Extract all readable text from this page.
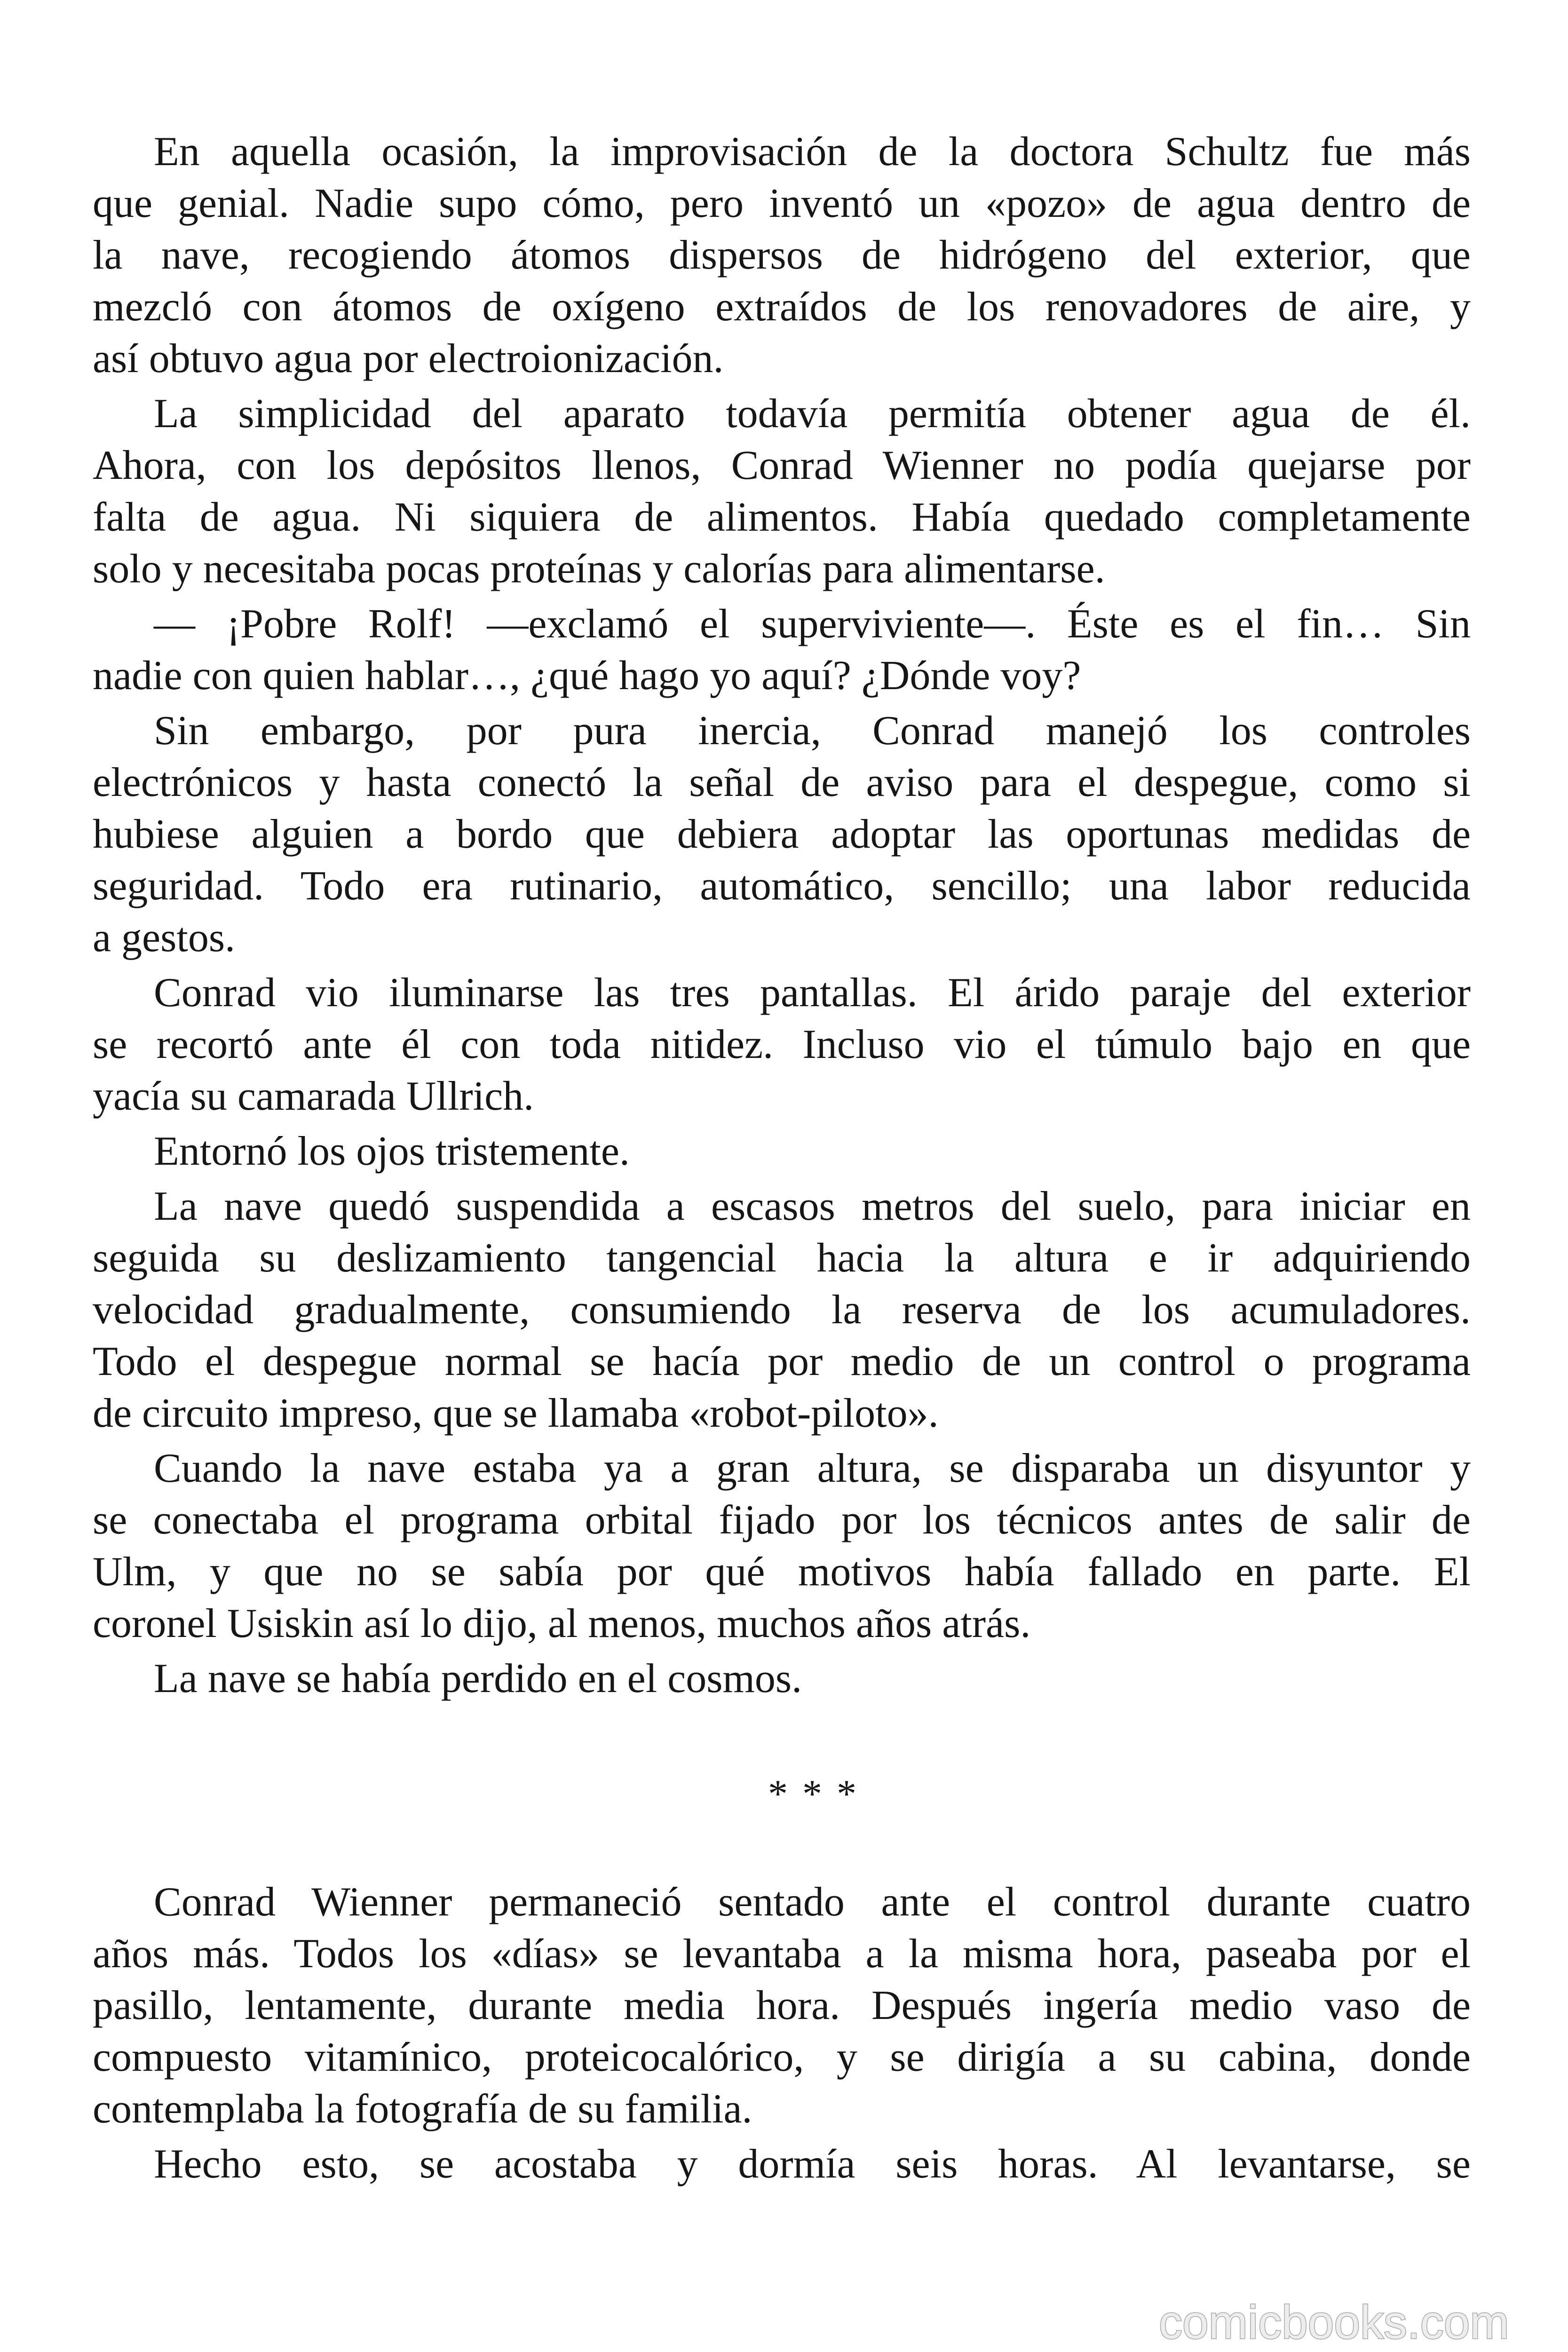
En aquella ocasión, la improvisación de la doctora Schultz fue más
que genial. Nadie supo cómo, pero inventó un «pozo» de agua dentro de
la nave, recogiendo átomos dispersos de hidrógeno del exterior, que
mezcló con átomos de oxígeno extraídos de los renovadores de aire, y
así obtuvo agua por electroionización.
La simplicidad del aparato todavía permitía obtener agua de él.
Ahora, con los depósitos llenos, Conrad Wienner no podía quejarse por
falta de agua. Ni siquiera de alimentos. Había quedado completamente
solo y necesitaba pocas proteínas y calorías para alimentarse.
— ¡Pobre Rolf! —exclamó el superviviente—. Éste es el fin… Sin
nadie con quien hablar…, ¿qué hago yo aquí? ¿Dónde voy?
Sin embargo, por pura inercia, Conrad manejó los controles
electrónicos y hasta conectó la señal de aviso para el despegue, como si
hubiese alguien a bordo que debiera adoptar las oportunas medidas de
seguridad. Todo era rutinario, automático, sencillo; una labor reducida
a gestos.
Conrad vio iluminarse las tres pantallas. El árido paraje del exterior
se recortó ante él con toda nitidez. Incluso vio el túmulo bajo en que
yacía su camarada Ullrich.
Entornó los ojos tristemente.
La nave quedó suspendida a escasos metros del suelo, para iniciar en
seguida su deslizamiento tangencial hacia la altura e ir adquiriendo
velocidad gradualmente, consumiendo la reserva de los acumuladores.
Todo el despegue normal se hacía por medio de un control o programa
de circuito impreso, que se llamaba «robot-piloto».
Cuando la nave estaba ya a gran altura, se disparaba un disyuntor y
se conectaba el programa orbital fijado por los técnicos antes de salir de
Ulm, y que no se sabía por qué motivos había fallado en parte. El
coronel Usiskin así lo dijo, al menos, muchos años atrás.
La nave se había perdido en el cosmos.
* * *
Conrad Wienner permaneció sentado ante el control durante cuatro
años más. Todos los «días» se levantaba a la misma hora, paseaba por el
pasillo, lentamente, durante media hora. Después ingería medio vaso de
compuesto vitamínico, proteicocalórico, y se dirigía a su cabina, donde
contemplaba la fotografía de su familia.
Hecho esto, se acostaba y dormía seis horas. Al levantarse, se
comicbooks.com
